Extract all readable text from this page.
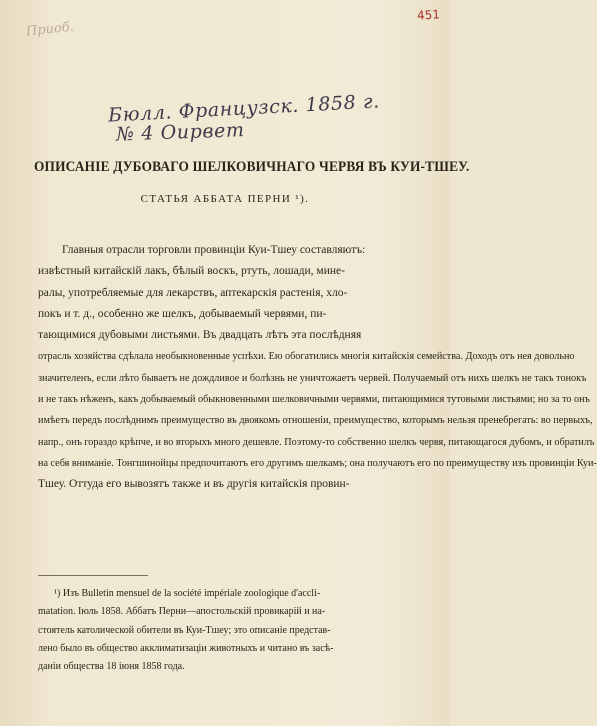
451
Приоб.
Бюлл. Французск. 1858 г.
№ 4 Оирвет
ОПИСАНІЕ ДУБОВАГО ШЕЛКОВИЧНАГО ЧЕРВЯ ВЪ КУИ-ТШЕУ.
СТАТЬЯ АББАТА ПЕРНИ ¹).

Главныя отрасли торговли провинціи Куи-Тшеу составляютъ:

извѣстный китайскій лакъ, бѣлый воскъ, ртуть, лошади, мине-

ралы, употребляемые для лекарствъ, аптекарскія растенія, хло-

покъ и т. д., особенно же шелкъ, добываемый червями, пи-

тающимися дубовыми листьями. Въ двадцать лѣтъ эта послѣдняя

отрасль хозяйства сдѣлала необыкновенные успѣхи. Ею обогатились многія китайскія семейства. Доходъ отъ нея довольно

значителенъ, если лѣто бываетъ не дождливое и болѣзнь не уничтожаетъ червей. Получаемый отъ нихъ шелкъ не такъ тонокъ

и не такъ нѣженъ, какъ добываемый обыкновенными шелковичными червями, питающимися тутовыми листьями; но за то онъ

имѣетъ передъ послѣднимъ преимущество въ двоякомъ отношеніи, преимущество, которымъ нельзя пренебрегать: во первыхъ,

напр., онъ гораздо крѣпче, и во вторыхъ много дешевле. Поэтому-то собственно шелкъ червя, питающагося дубомъ, и обратилъ

на себя вниманіе. Тонгшинойцы предпочитаютъ его другимъ шелкамъ; она получаютъ его по преимуществу изъ провинціи Куи-

Тшеу. Оттуда его вывозятъ также и въ другія китайскія провин-

¹) Изъ Bulletin mensuel de la société impériale zoologique d'accli-

matation. Іюль 1858. Аббатъ Перни—апостольскій провикарій и на-

стоятель католической обители въ Куи-Тшеу; это описаніе представ-

лено было въ общество акклиматизаціи животныхъ и читано въ засѣ-

даніи общества 18 іюня 1858 года.
